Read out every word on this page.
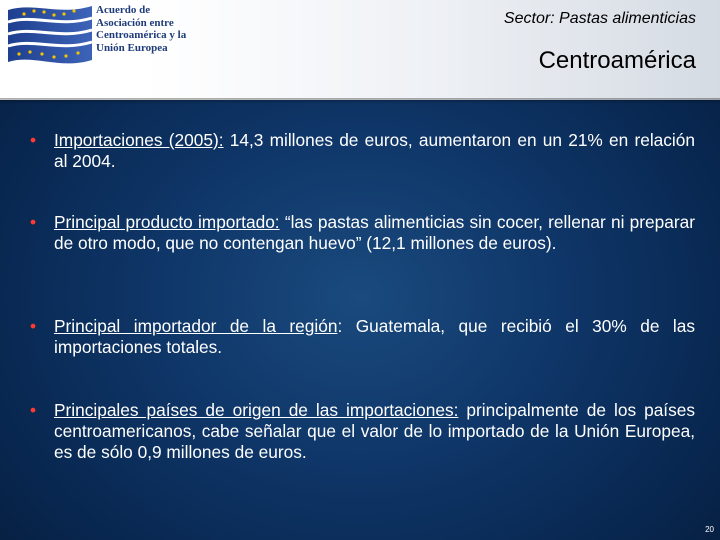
Acuerdo de
Asociación entre
Centroamérica y la
Unión Europea
Sector: Pastas alimenticias
Centroamérica
• Importaciones (2005): 14,3 millones de euros, aumentaron en un 21% en relación al 2004.
• Principal producto importado: “las pastas alimenticias sin cocer, rellenar ni preparar de otro modo, que no contengan huevo” (12,1 millones de euros).
• Principal importador de la región: Guatemala, que recibió el 30% de las importaciones totales.
• Principales países de origen de las importaciones: principalmente de los países centroamericanos, cabe señalar que el valor de lo importado de la Unión Europea, es de sólo 0,9 millones de euros.
20
